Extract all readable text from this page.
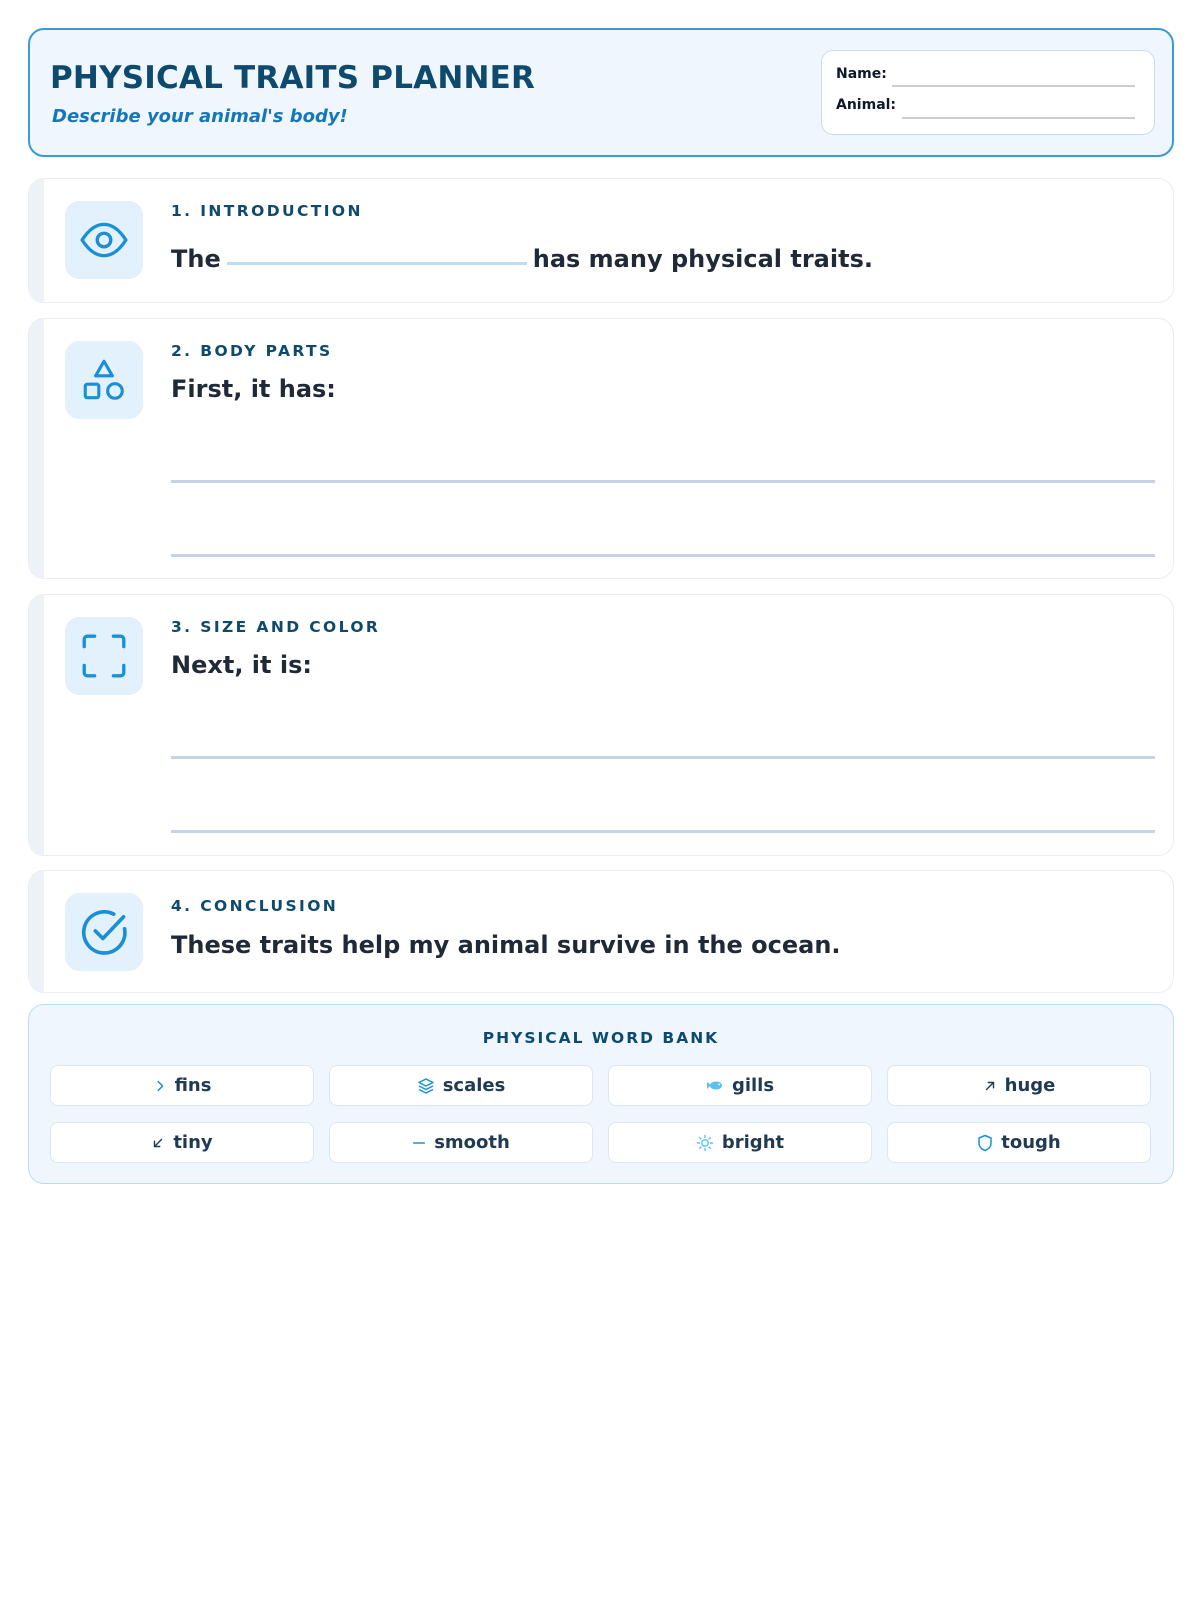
PHYSICAL TRAITS PLANNER
Describe your animal's body!
Name:
Animal:
1. INTRODUCTION
The	has many physical traits.
2. BODY PARTS
First, it has:
3. SIZE AND COLOR
Next, it is:
4. CONCLUSION
These traits help my animal survive in the ocean.
PHYSICAL WORD BANK
fins	scales	gills	huge
tiny	smooth	bright	tough
